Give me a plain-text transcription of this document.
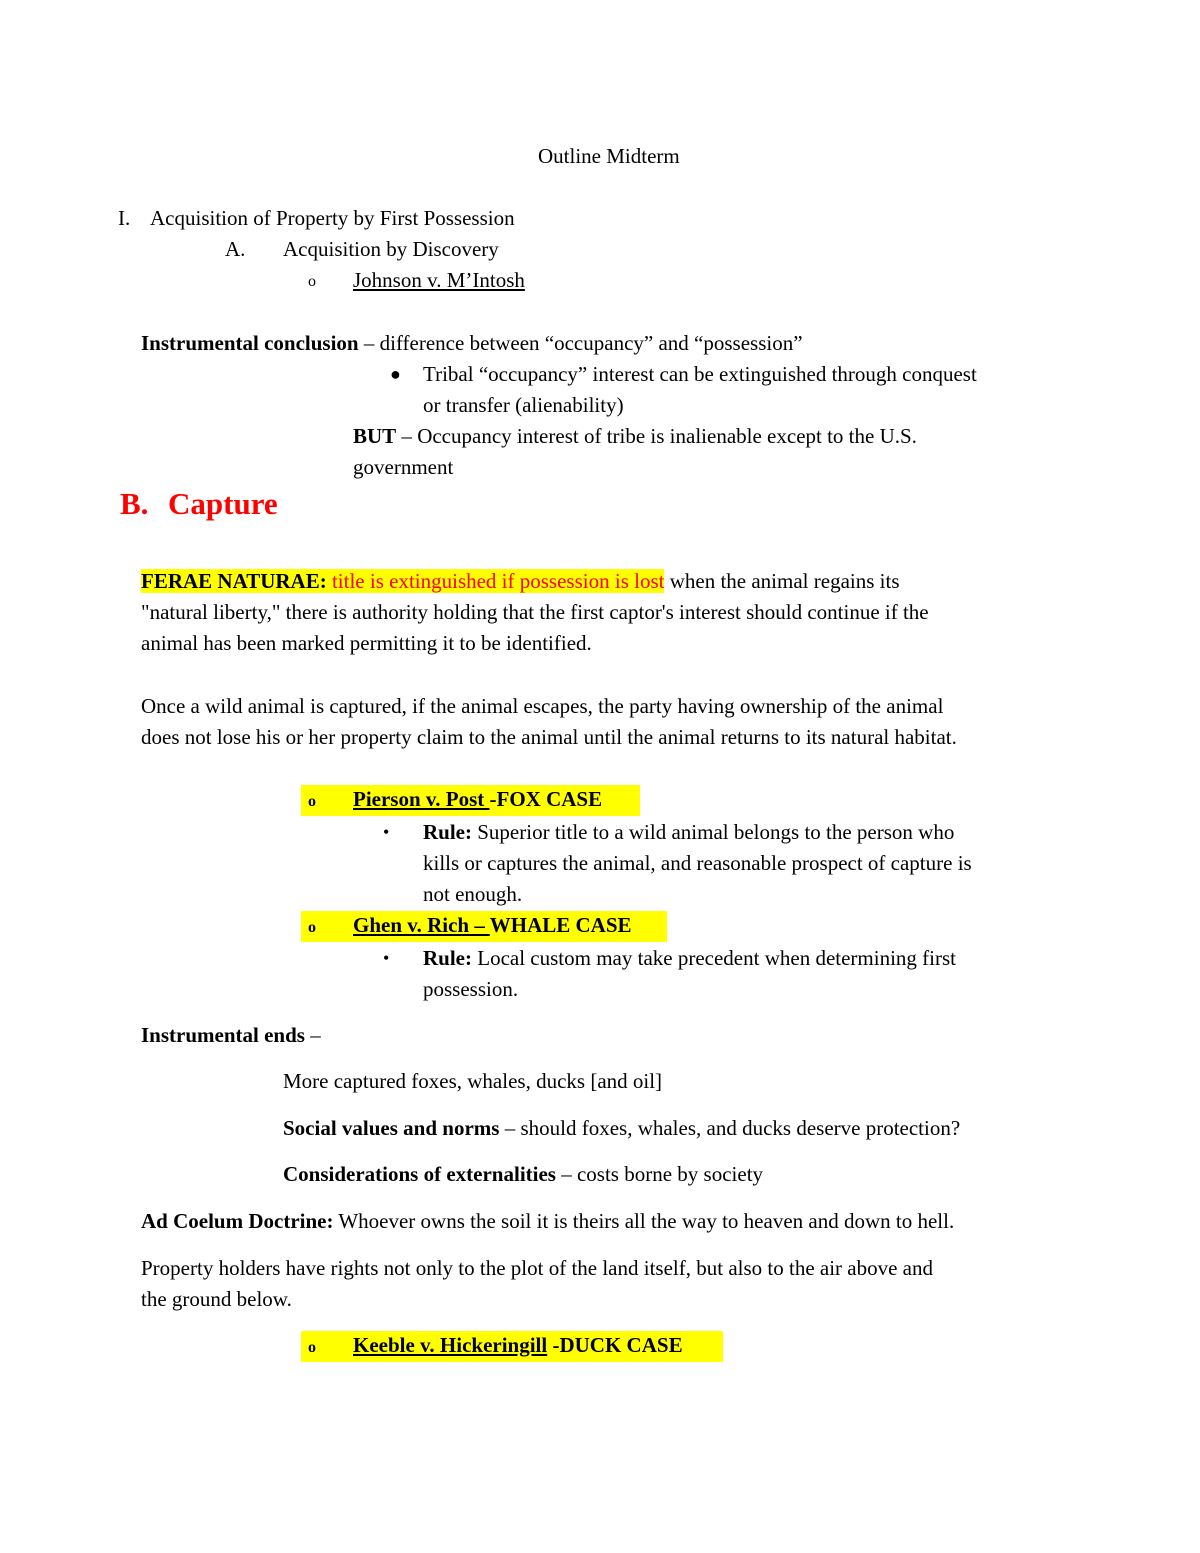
Outline Midterm
I. Acquisition of Property by First Possession
A. Acquisition by Discovery
o Johnson v. M’Intosh
Instrumental conclusion – difference between “occupancy” and “possession”
● Tribal “occupancy” interest can be extinguished through conquest
or transfer (alienability)
BUT – Occupancy interest of tribe is inalienable except to the U.S.
government
B. Capture
FERAE NATURAE: title is extinguished if possession is lost when the animal regains its
"natural liberty," there is authority holding that the first captor's interest should continue if the
animal has been marked permitting it to be identified.
Once a wild animal is captured, if the animal escapes, the party having ownership of the animal
does not lose his or her property claim to the animal until the animal returns to its natural habitat.
o Pierson v. Post -FOX CASE
• Rule: Superior title to a wild animal belongs to the person who
kills or captures the animal, and reasonable prospect of capture is
not enough.
o Ghen v. Rich – WHALE CASE
• Rule: Local custom may take precedent when determining first
possession.
Instrumental ends –
More captured foxes, whales, ducks [and oil]
Social values and norms – should foxes, whales, and ducks deserve protection?
Considerations of externalities – costs borne by society
Ad Coelum Doctrine: Whoever owns the soil it is theirs all the way to heaven and down to hell.
Property holders have rights not only to the plot of the land itself, but also to the air above and
the ground below.
o Keeble v. Hickeringill -DUCK CASE
